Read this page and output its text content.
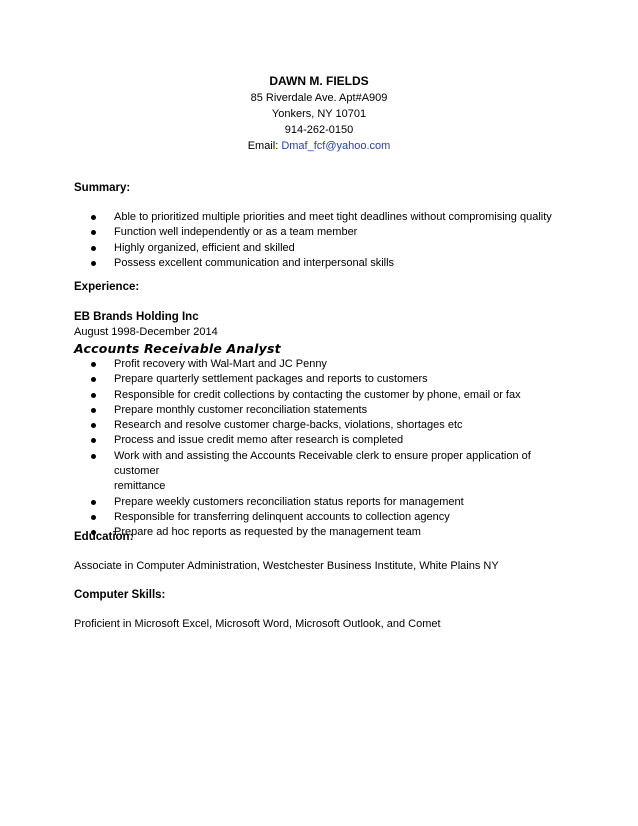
DAWN M. FIELDS
85 Riverdale Ave. Apt#A909
Yonkers, NY 10701
914-262-0150
Email: Dmaf_fcf@yahoo.com
Summary:
Able to prioritized multiple priorities and meet tight deadlines without compromising quality
Function well independently or as a team member
Highly organized, efficient and skilled
Possess excellent communication and interpersonal skills
Experience:
EB Brands Holding Inc
August 1998-December 2014
Accounts Receivable Analyst
Profit recovery with Wal-Mart and JC Penny
Prepare quarterly settlement packages and reports to customers
Responsible for credit collections by contacting the customer by phone, email or fax
Prepare monthly customer reconciliation statements
Research and resolve customer charge-backs, violations, shortages etc
Process and issue credit memo after research is completed
Work with and assisting the Accounts Receivable clerk to ensure proper application of customer
remittance
Prepare weekly customers reconciliation status reports for management
Responsible for transferring delinquent accounts to collection agency
Prepare ad hoc reports as requested by the management team
Education:
Associate in Computer Administration, Westchester Business Institute, White Plains NY
Computer Skills:
Proficient in Microsoft Excel, Microsoft Word, Microsoft Outlook, and Comet
